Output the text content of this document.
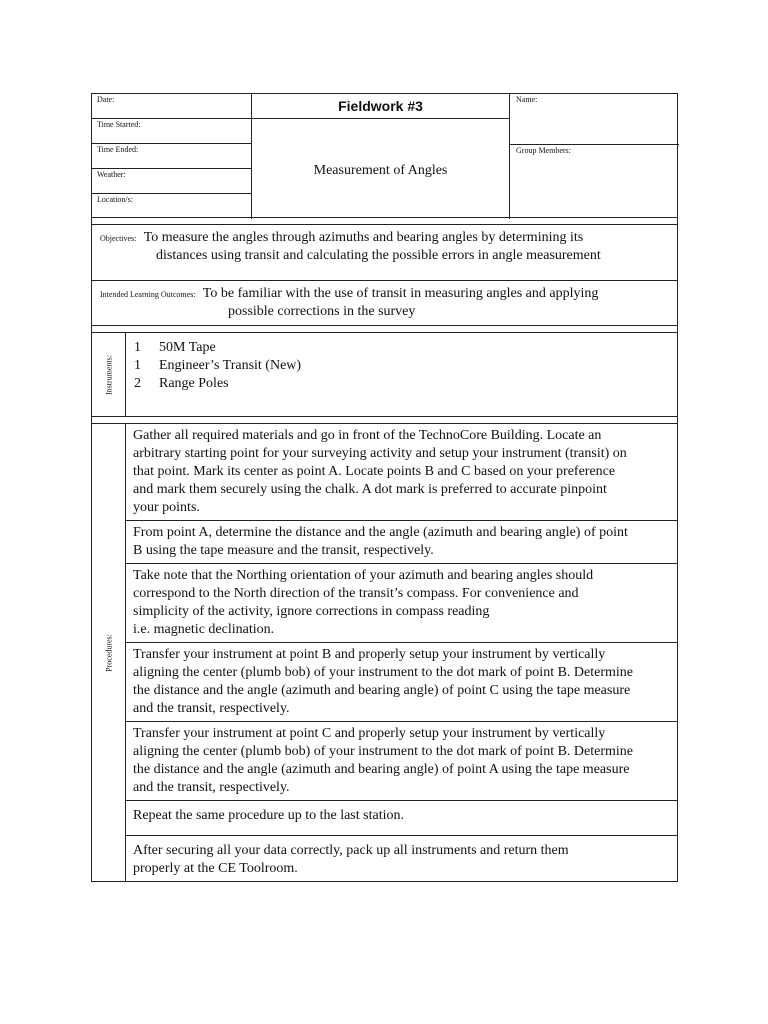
Date:
Time Started:
Time Ended:
Weather:
Location/s:
Fieldwork #3
Measurement of Angles
Name:
Group Members:
Objectives: To measure the angles through azimuths and bearing angles by determining its
distances using transit and calculating the possible errors in angle measurement
Intended Learning Outcomes: To be familiar with the use of transit in measuring angles and applying
possible corrections in the survey
Instruments:
1 50M Tape
1 Engineer’s Transit (New)
2 Range Poles
Procedures:
Gather all required materials and go in front of the TechnoCore Building. Locate an
arbitrary starting point for your surveying activity and setup your instrument (transit) on
that point. Mark its center as point A. Locate points B and C based on your preference
and mark them securely using the chalk. A dot mark is preferred to accurate pinpoint
your points.
From point A, determine the distance and the angle (azimuth and bearing angle) of point
B using the tape measure and the transit, respectively.
Take note that the Northing orientation of your azimuth and bearing angles should
correspond to the North direction of the transit’s compass. For convenience and
simplicity of the activity, ignore corrections in compass reading
i.e. magnetic declination.
Transfer your instrument at point B and properly setup your instrument by vertically
aligning the center (plumb bob) of your instrument to the dot mark of point B. Determine
the distance and the angle (azimuth and bearing angle) of point C using the tape measure
and the transit, respectively.
Transfer your instrument at point C and properly setup your instrument by vertically
aligning the center (plumb bob) of your instrument to the dot mark of point B. Determine
the distance and the angle (azimuth and bearing angle) of point A using the tape measure
and the transit, respectively.
Repeat the same procedure up to the last station.
After securing all your data correctly, pack up all instruments and return them
properly at the CE Toolroom.
